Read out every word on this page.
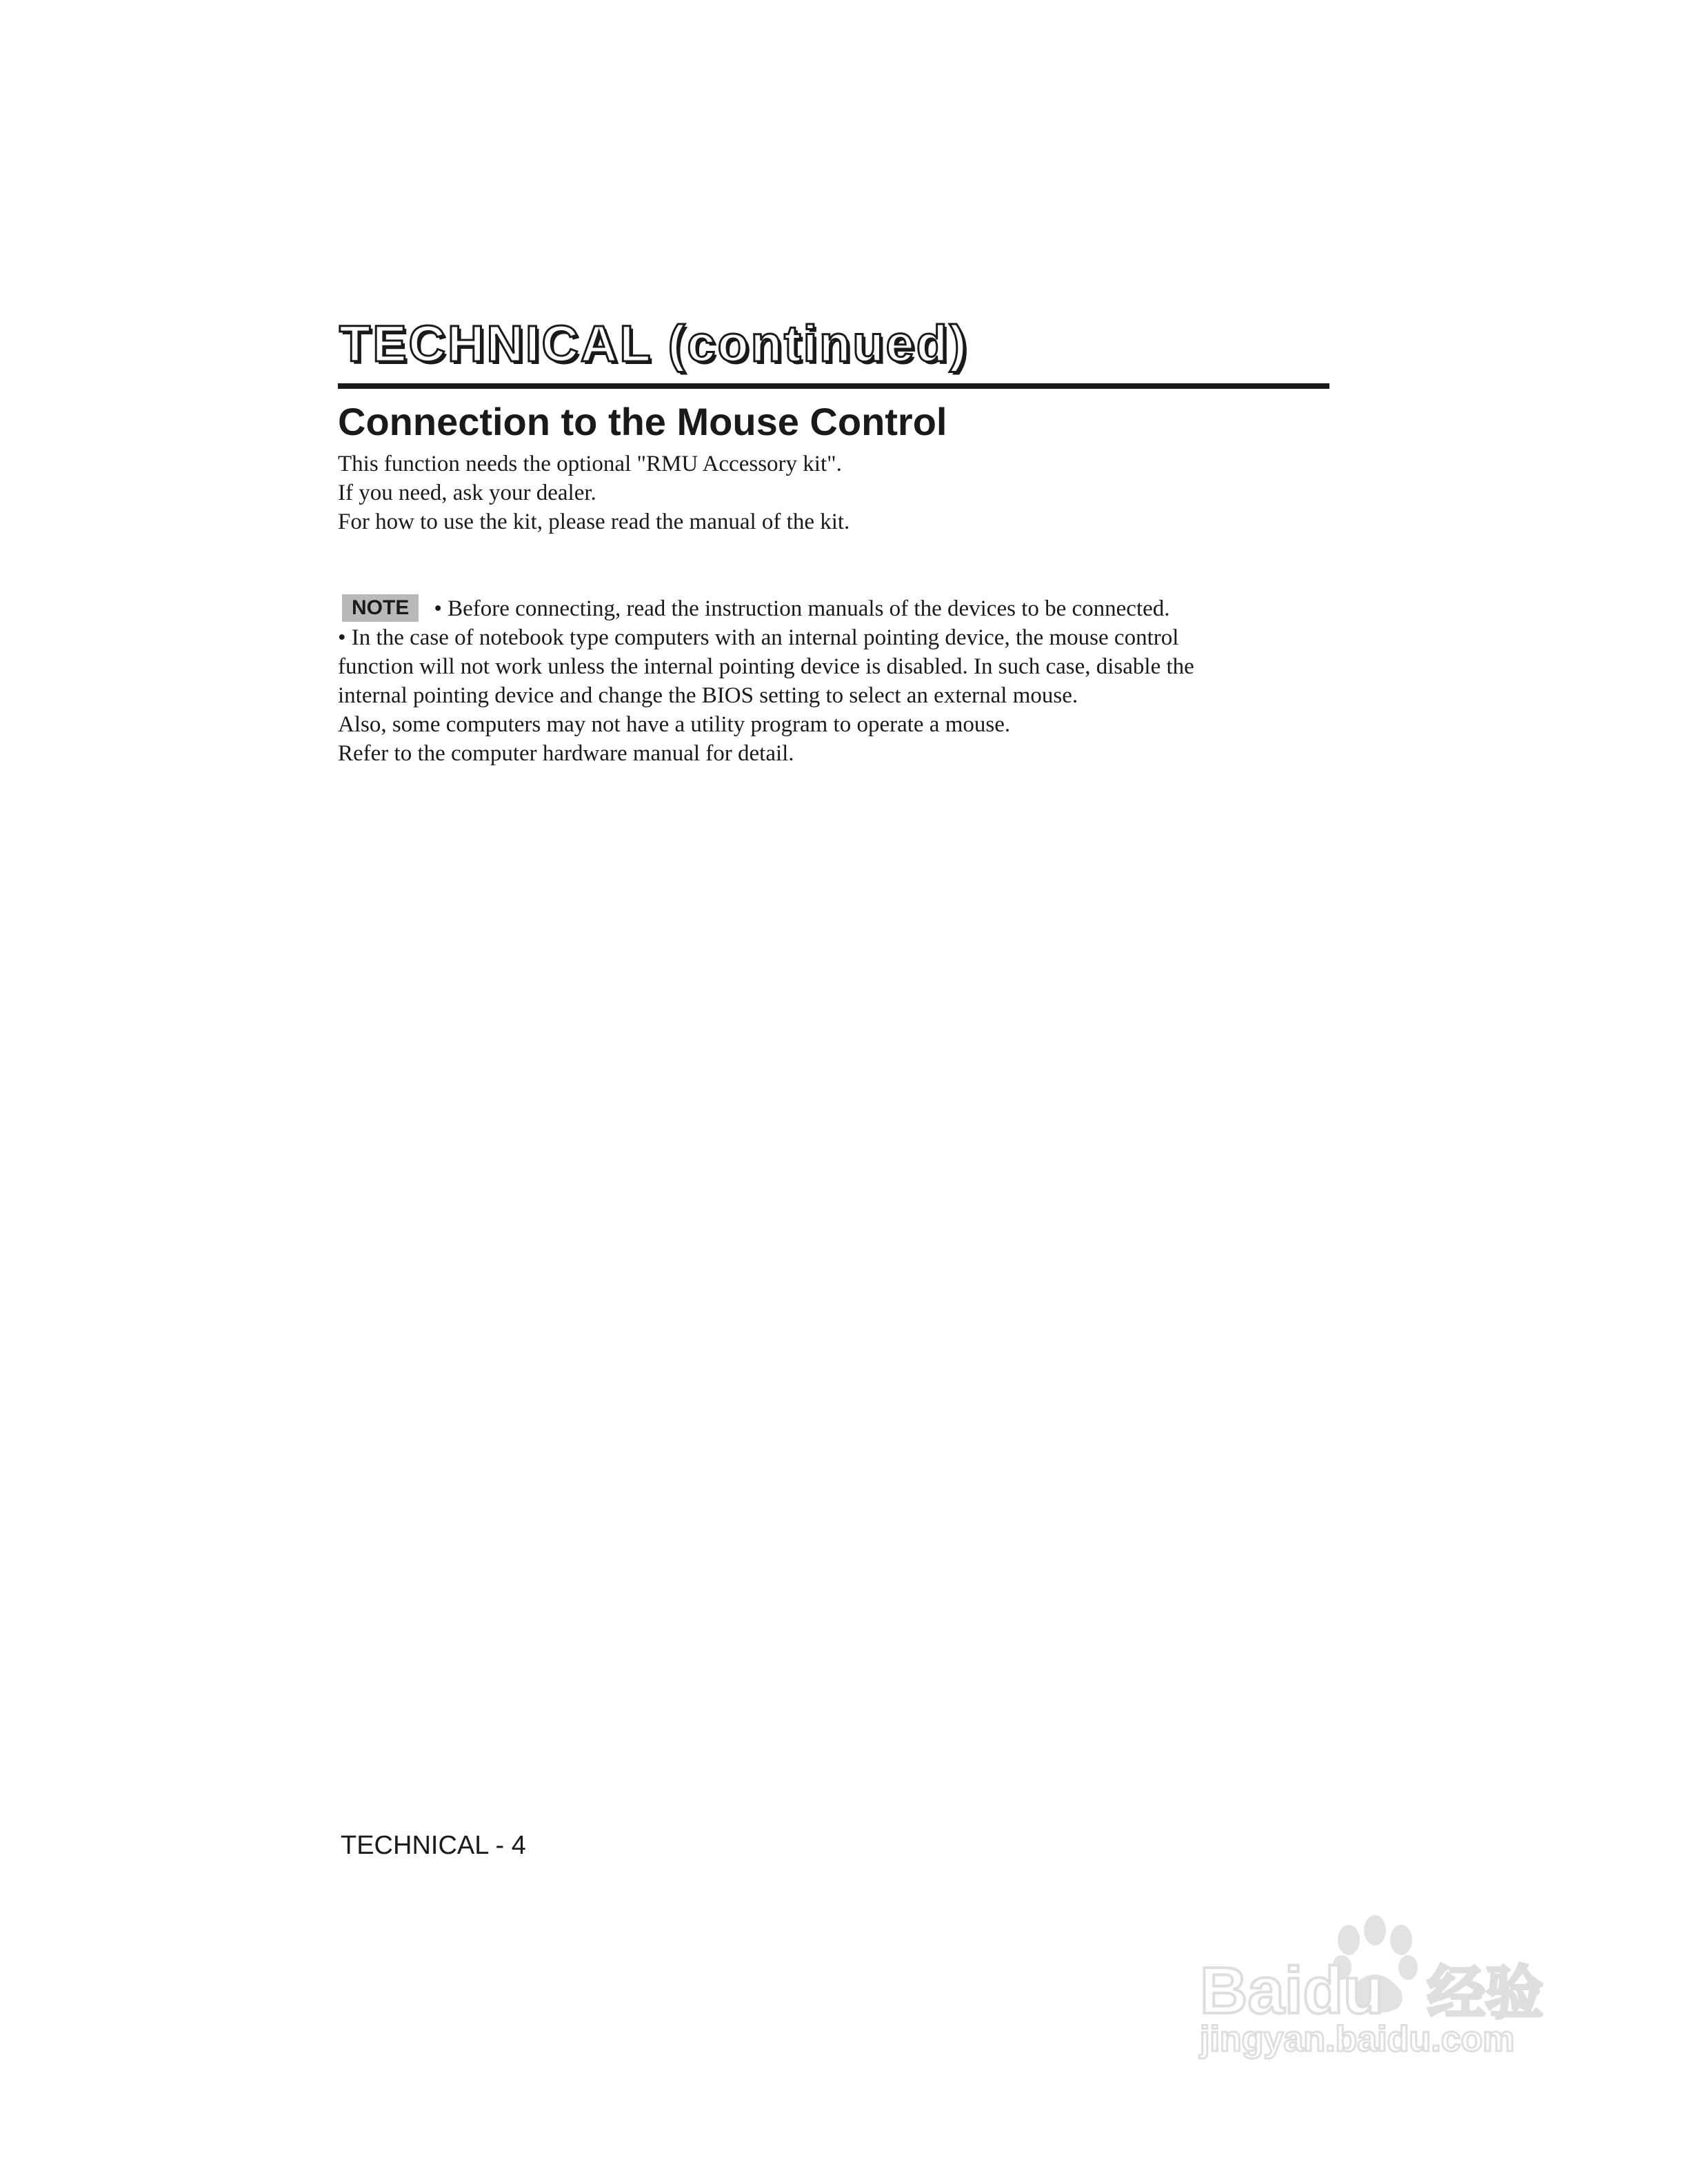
TECHNICAL (continued)
Connection to the Mouse Control

This function needs the optional "RMU Accessory kit".

If you need, ask your dealer.

For how to use the kit, please read the manual of the kit.

NOTE • Before connecting, read the instruction manuals of the devices to be connected.

• In the case of notebook type computers with an internal pointing device, the mouse control

function will not work unless the internal pointing device is disabled. In such case, disable the

internal pointing device and change the BIOS setting to select an external mouse.

Also, some computers may not have a utility program to operate a mouse.

Refer to the computer hardware manual for detail.

TECHNICAL - 4
Baidu 经验
jingyan.baidu.com
